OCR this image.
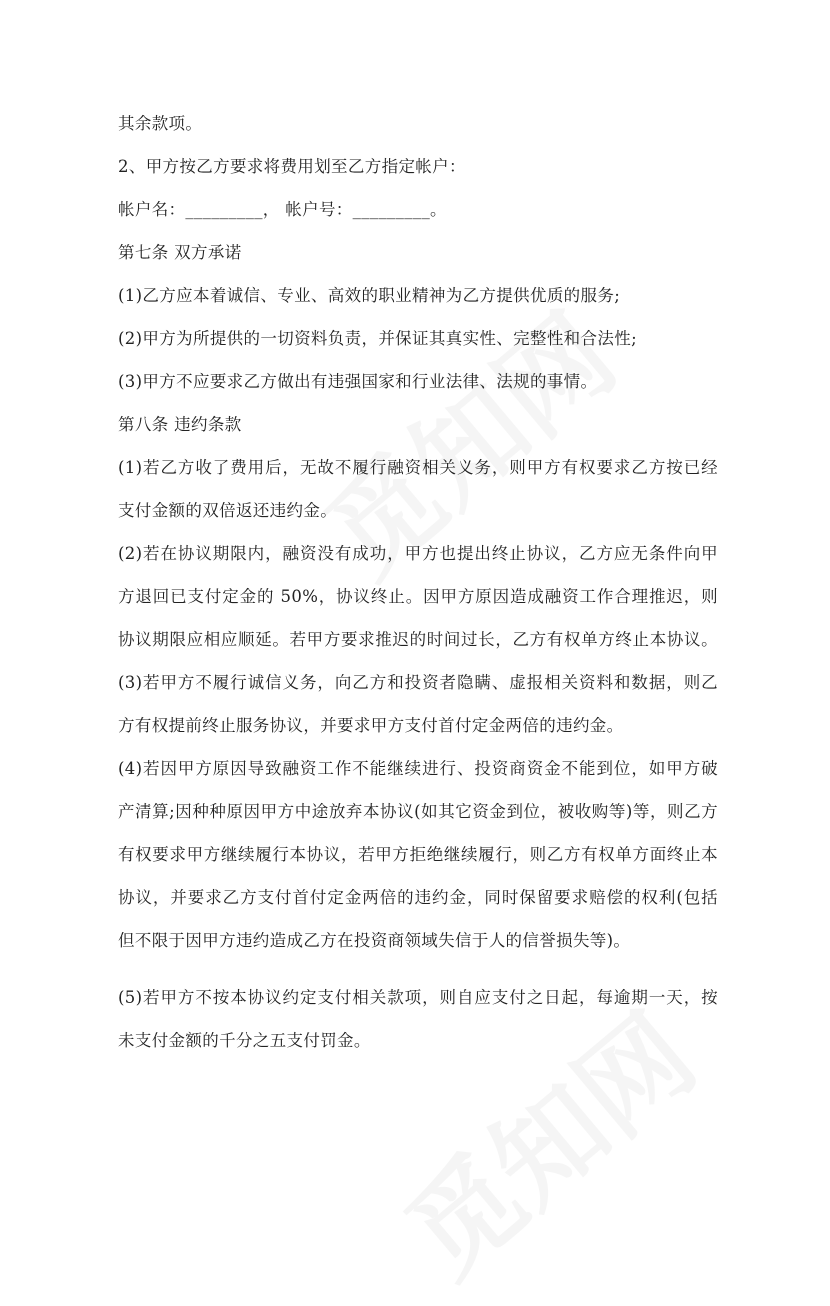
其余款项。
2、甲方按乙方要求将费用划至乙方指定帐户：
帐户名：_________， 帐户号：_________。
第七条 双方承诺
(1)乙方应本着诚信、专业、高效的职业精神为乙方提供优质的服务;
(2)甲方为所提供的一切资料负责，并保证其真实性、完整性和合法性;
(3)甲方不应要求乙方做出有违强国家和行业法律、法规的事情。
第八条 违约条款
(1)若乙方收了费用后，无故不履行融资相关义务，则甲方有权要求乙方按已经
支付金额的双倍返还违约金。
(2)若在协议期限内，融资没有成功，甲方也提出终止协议，乙方应无条件向甲
方退回已支付定金的 50%，协议终止。因甲方原因造成融资工作合理推迟，则
协议期限应相应顺延。若甲方要求推迟的时间过长，乙方有权单方终止本协议。
(3)若甲方不履行诚信义务，向乙方和投资者隐瞒、虚报相关资料和数据，则乙
方有权提前终止服务协议，并要求甲方支付首付定金两倍的违约金。
(4)若因甲方原因导致融资工作不能继续进行、投资商资金不能到位，如甲方破
产清算;因种种原因甲方中途放弃本协议(如其它资金到位，被收购等)等，则乙方
有权要求甲方继续履行本协议，若甲方拒绝继续履行，则乙方有权单方面终止本
协议，并要求乙方支付首付定金两倍的违约金，同时保留要求赔偿的权利(包括
但不限于因甲方违约造成乙方在投资商领域失信于人的信誉损失等)。
(5)若甲方不按本协议约定支付相关款项，则自应支付之日起，每逾期一天，按
未支付金额的千分之五支付罚金。
